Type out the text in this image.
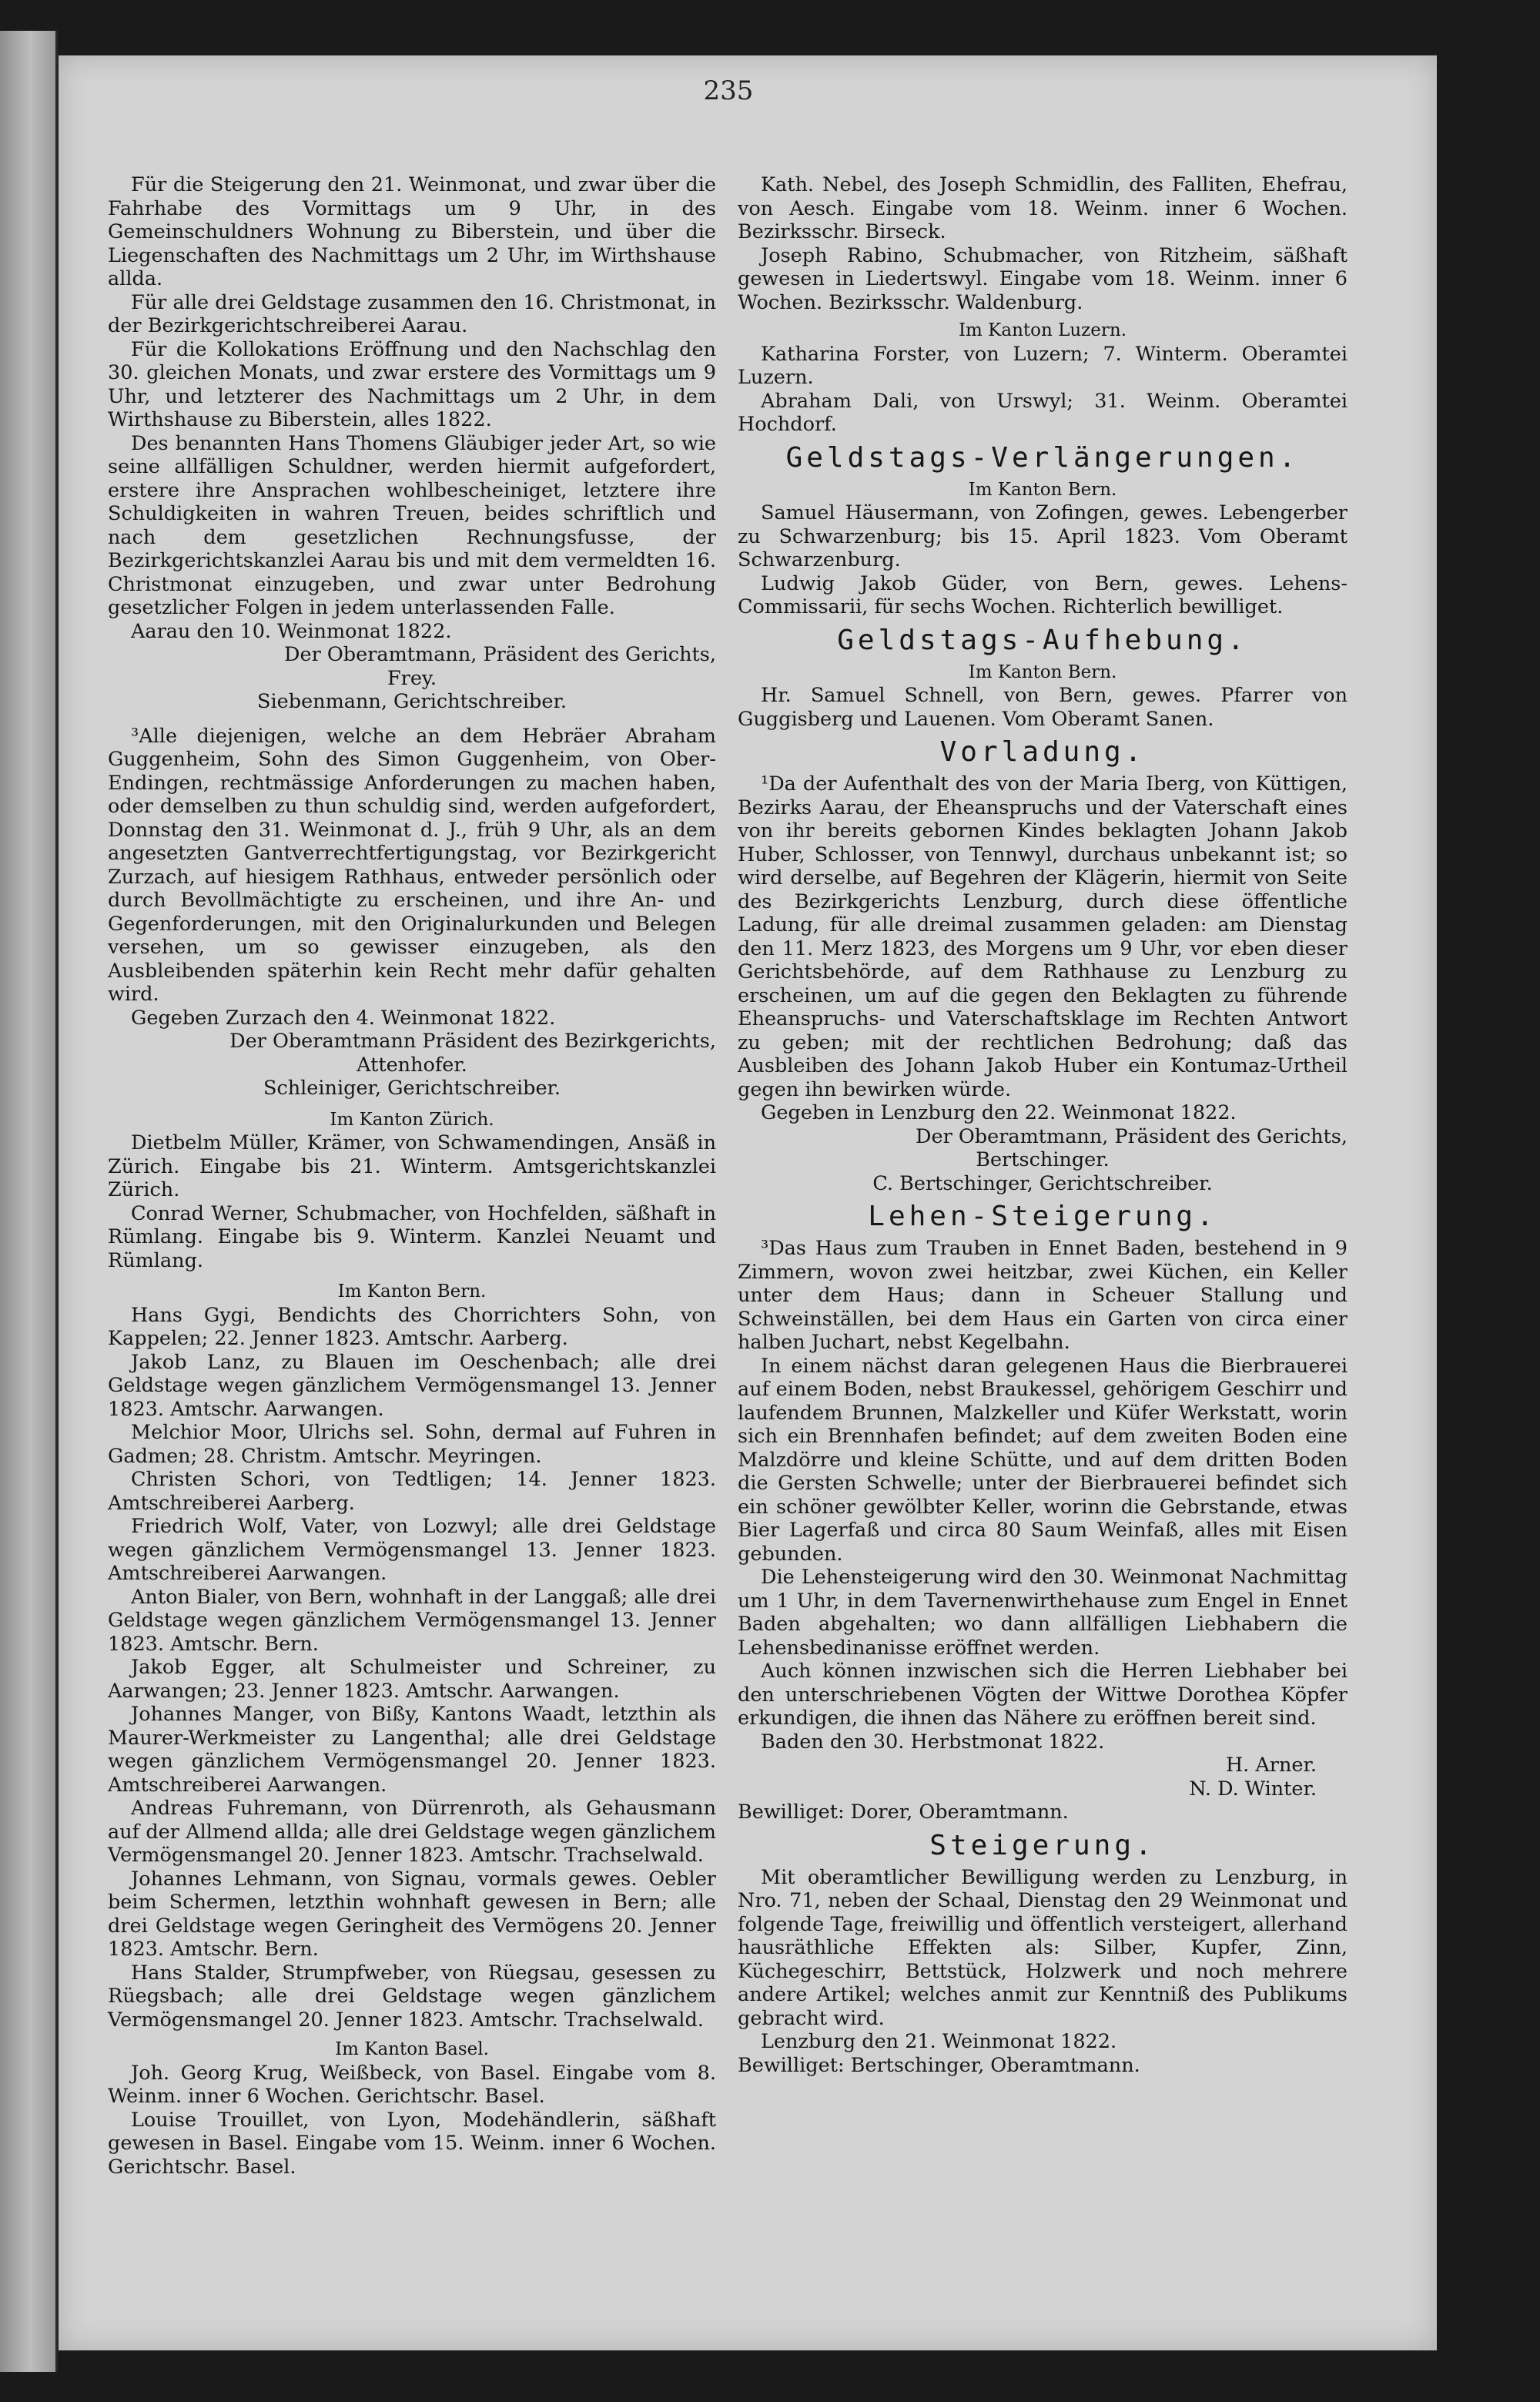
235

Für die Steigerung den 21. Weinmonat, und zwar über die Fahrhabe des Vormittags um 9 Uhr, in des Gemeinschuldners Wohnung zu Biberstein, und über die Liegenschaften des Nachmittags um 2 Uhr, im Wirthshause allda.

Für alle drei Geldstage zusammen den 16. Christmonat, in der Bezirkgerichtschreiberei Aarau.

Für die Kollokations Eröffnung und den Nachschlag den 30. gleichen Monats, und zwar erstere des Vormittags um 9 Uhr, und letzterer des Nachmittags um 2 Uhr, in dem Wirthshause zu Biberstein, alles 1822.

Des benannten Hans Thomens Gläubiger jeder Art, so wie seine allfälligen Schuldner, werden hiermit aufgefordert, erstere ihre Ansprachen wohlbescheiniget, letztere ihre Schuldigkeiten in wahren Treuen, beides schriftlich und nach dem gesetzlichen Rechnungsfusse, der Bezirkgerichtskanzlei Aarau bis und mit dem vermeldten 16. Christmonat einzugeben, und zwar unter Bedrohung gesetzlicher Folgen in jedem unterlassenden Falle.

Aarau den 10. Weinmonat 1822.

Der Oberamtmann, Präsident des Gerichts,

Frey.

Siebenmann, Gerichtschreiber.

³Alle diejenigen, welche an dem Hebräer Abraham Guggenheim, Sohn des Simon Guggenheim, von Ober-Endingen, rechtmässige Anforderungen zu machen haben, oder demselben zu thun schuldig sind, werden aufgefordert, Donnstag den 31. Weinmonat d. J., früh 9 Uhr, als an dem angesetzten Gantverrechtfertigungstag, vor Bezirkgericht Zurzach, auf hiesigem Rathhaus, entweder persönlich oder durch Bevollmächtigte zu erscheinen, und ihre An- und Gegenforderungen, mit den Originalurkunden und Belegen versehen, um so gewisser einzugeben, als den Ausbleibenden späterhin kein Recht mehr dafür gehalten wird.

Gegeben Zurzach den 4. Weinmonat 1822.

Der Oberamtmann Präsident des Bezirkgerichts,

Attenhofer.

Schleiniger, Gerichtschreiber.

Im Kanton Zürich.

Dietbelm Müller, Krämer, von Schwamendingen, Ansäß in Zürich. Eingabe bis 21. Winterm. Amtsgerichtskanzlei Zürich.

Conrad Werner, Schubmacher, von Hochfelden, säßhaft in Rümlang. Eingabe bis 9. Winterm. Kanzlei Neuamt und Rümlang.

Im Kanton Bern.

Hans Gygi, Bendichts des Chorrichters Sohn, von Kappelen; 22. Jenner 1823. Amtschr. Aarberg.

Jakob Lanz, zu Blauen im Oeschenbach; alle drei Geldstage wegen gänzlichem Vermögensmangel 13. Jenner 1823. Amtschr. Aarwangen.

Melchior Moor, Ulrichs sel. Sohn, dermal auf Fuhren in Gadmen; 28. Christm. Amtschr. Meyringen.

Christen Schori, von Tedtligen; 14. Jenner 1823. Amtschreiberei Aarberg.

Friedrich Wolf, Vater, von Lozwyl; alle drei Geldstage wegen gänzlichem Vermögensmangel 13. Jenner 1823. Amtschreiberei Aarwangen.

Anton Bialer, von Bern, wohnhaft in der Langgaß; alle drei Geldstage wegen gänzlichem Vermögensmangel 13. Jenner 1823. Amtschr. Bern.

Jakob Egger, alt Schulmeister und Schreiner, zu Aarwangen; 23. Jenner 1823. Amtschr. Aarwangen.

Johannes Manger, von Bißy, Kantons Waadt, letzthin als Maurer-Werkmeister zu Langenthal; alle drei Geldstage wegen gänzlichem Vermögensmangel 20. Jenner 1823. Amtschreiberei Aarwangen.

Andreas Fuhremann, von Dürrenroth, als Gehausmann auf der Allmend allda; alle drei Geldstage wegen gänzlichem Vermögensmangel 20. Jenner 1823. Amtschr. Trachselwald.

Johannes Lehmann, von Signau, vormals gewes. Oebler beim Schermen, letzthin wohnhaft gewesen in Bern; alle drei Geldstage wegen Geringheit des Vermögens 20. Jenner 1823. Amtschr. Bern.

Hans Stalder, Strumpfweber, von Rüegsau, gesessen zu Rüegsbach; alle drei Geldstage wegen gänzlichem Vermögensmangel 20. Jenner 1823. Amtschr. Trachselwald.

Im Kanton Basel.

Joh. Georg Krug, Weißbeck, von Basel. Eingabe vom 8. Weinm. inner 6 Wochen. Gerichtschr. Basel.

Louise Trouillet, von Lyon, Modehändlerin, säßhaft gewesen in Basel. Eingabe vom 15. Weinm. inner 6 Wochen. Gerichtschr. Basel.

Kath. Nebel, des Joseph Schmidlin, des Falliten, Ehefrau, von Aesch. Eingabe vom 18. Weinm. inner 6 Wochen. Bezirksschr. Birseck.

Joseph Rabino, Schubmacher, von Ritzheim, säßhaft gewesen in Liedertswyl. Eingabe vom 18. Weinm. inner 6 Wochen. Bezirksschr. Waldenburg.

Im Kanton Luzern.

Katharina Forster, von Luzern; 7. Winterm. Oberamtei Luzern.

Abraham Dali, von Urswyl; 31. Weinm. Oberamtei Hochdorf.

Geldstags-Verlängerungen.

Im Kanton Bern.

Samuel Häusermann, von Zofingen, gewes. Lebengerber zu Schwarzenburg; bis 15. April 1823. Vom Oberamt Schwarzenburg.

Ludwig Jakob Güder, von Bern, gewes. Lehens-Commissarii, für sechs Wochen. Richterlich bewilliget.

Geldstags-Aufhebung.

Im Kanton Bern.

Hr. Samuel Schnell, von Bern, gewes. Pfarrer von Guggisberg und Lauenen. Vom Oberamt Sanen.

Vorladung.

¹Da der Aufenthalt des von der Maria Iberg, von Küttigen, Bezirks Aarau, der Eheanspruchs und der Vaterschaft eines von ihr bereits gebornen Kindes beklagten Johann Jakob Huber, Schlosser, von Tennwyl, durchaus unbekannt ist; so wird derselbe, auf Begehren der Klägerin, hiermit von Seite des Bezirkgerichts Lenzburg, durch diese öffentliche Ladung, für alle dreimal zusammen geladen: am Dienstag den 11. Merz 1823, des Morgens um 9 Uhr, vor eben dieser Gerichtsbehörde, auf dem Rathhause zu Lenzburg zu erscheinen, um auf die gegen den Beklagten zu führende Eheanspruchs- und Vaterschaftsklage im Rechten Antwort zu geben; mit der rechtlichen Bedrohung; daß das Ausbleiben des Johann Jakob Huber ein Kontumaz-Urtheil gegen ihn bewirken würde.

Gegeben in Lenzburg den 22. Weinmonat 1822.

Der Oberamtmann, Präsident des Gerichts,

Bertschinger.

C. Bertschinger, Gerichtschreiber.

Lehen-Steigerung.

³Das Haus zum Trauben in Ennet Baden, bestehend in 9 Zimmern, wovon zwei heitzbar, zwei Küchen, ein Keller unter dem Haus; dann in Scheuer Stallung und Schweinställen, bei dem Haus ein Garten von circa einer halben Juchart, nebst Kegelbahn.

In einem nächst daran gelegenen Haus die Bierbrauerei auf einem Boden, nebst Braukessel, gehörigem Geschirr und laufendem Brunnen, Malzkeller und Küfer Werkstatt, worin sich ein Brennhafen befindet; auf dem zweiten Boden eine Malzdörre und kleine Schütte, und auf dem dritten Boden die Gersten Schwelle; unter der Bierbrauerei befindet sich ein schöner gewölbter Keller, worinn die Gebrstande, etwas Bier Lagerfaß und circa 80 Saum Weinfaß, alles mit Eisen gebunden.

Die Lehensteigerung wird den 30. Weinmonat Nachmittag um 1 Uhr, in dem Tavernenwirthehause zum Engel in Ennet Baden abgehalten; wo dann allfälligen Liebhabern die Lehensbedinanisse eröffnet werden.

Auch können inzwischen sich die Herren Liebhaber bei den unterschriebenen Vögten der Wittwe Dorothea Köpfer erkundigen, die ihnen das Nähere zu eröffnen bereit sind.

Baden den 30. Herbstmonat 1822.

H. Arner.

N. D. Winter.

Bewilliget: Dorer, Oberamtmann.

Steigerung.

Mit oberamtlicher Bewilligung werden zu Lenzburg, in Nro. 71, neben der Schaal, Dienstag den 29 Weinmonat und folgende Tage, freiwillig und öffentlich versteigert, allerhand hausräthliche Effekten als: Silber, Kupfer, Zinn, Küchegeschirr, Bettstück, Holzwerk und noch mehrere andere Artikel; welches anmit zur Kenntniß des Publikums gebracht wird.

Lenzburg den 21. Weinmonat 1822.

Bewilliget: Bertschinger, Oberamtmann.
